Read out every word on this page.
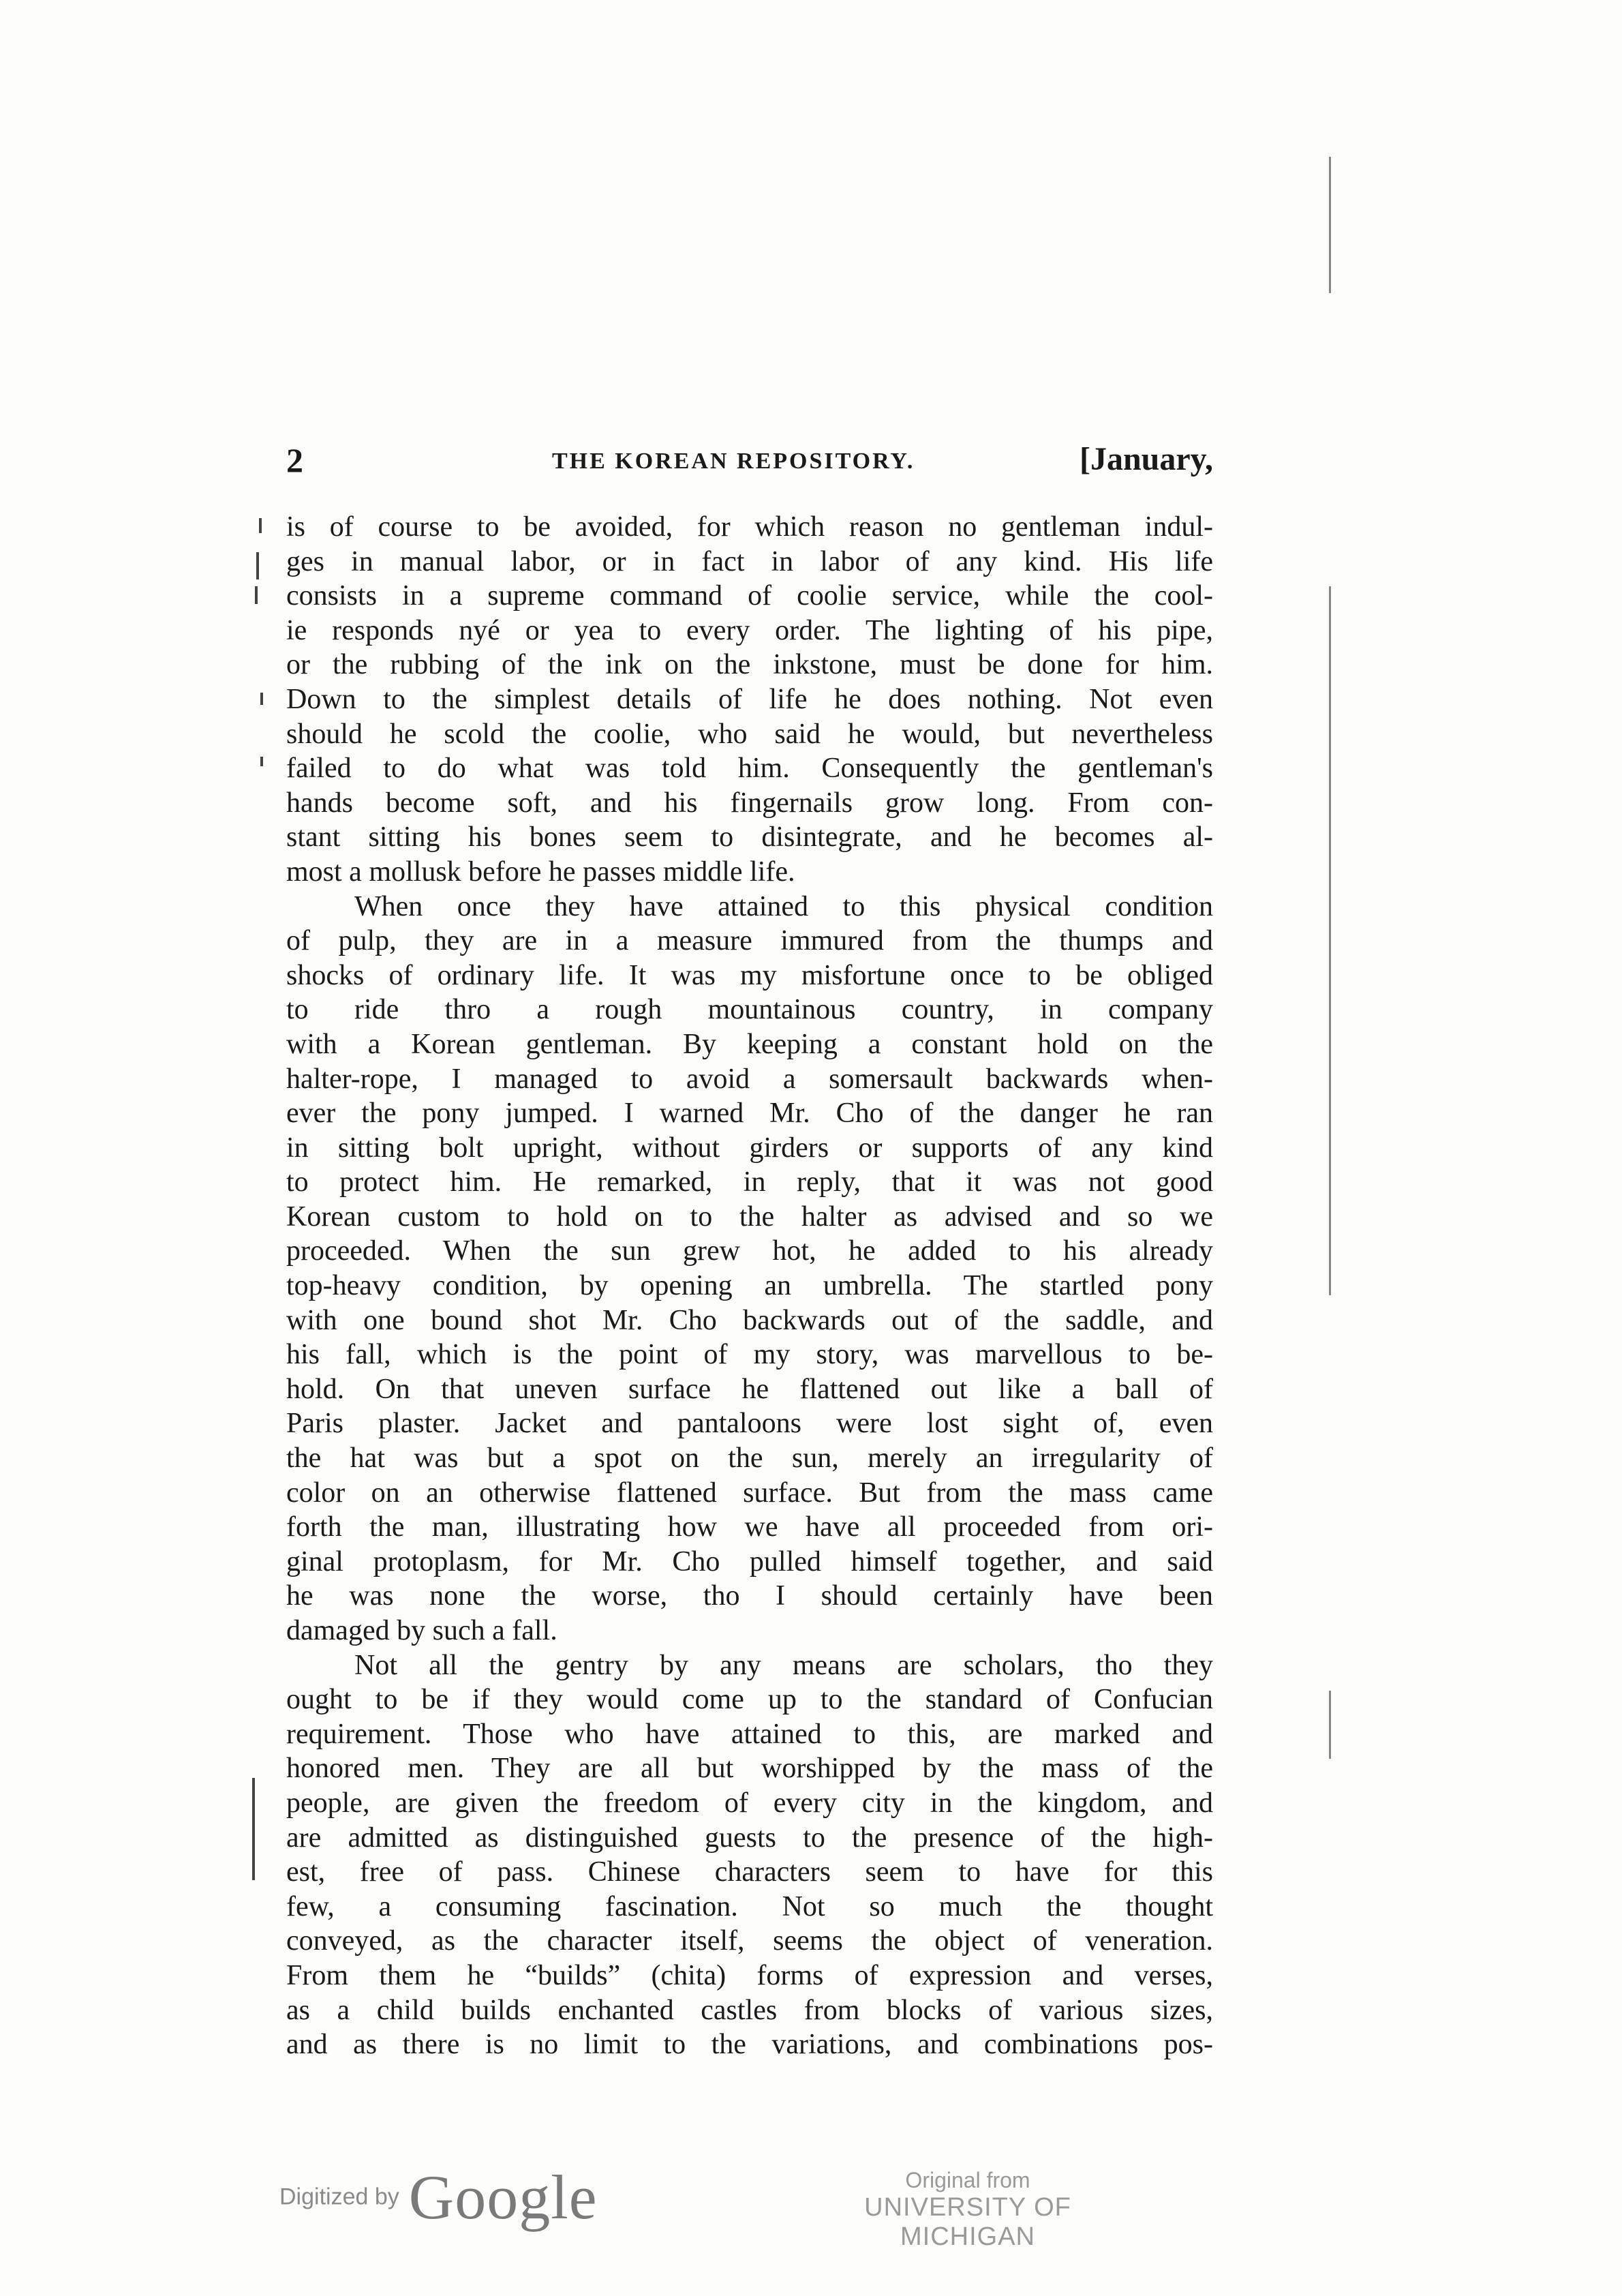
2	THE KOREAN REPOSITORY.	[January,
is of course to be avoided, for which reason no gentleman indul-
ges in manual labor, or in fact in labor of any kind. His life
consists in a supreme command of coolie service, while the cool-
ie responds nyé or yea to every order. The lighting of his pipe,
or the rubbing of the ink on the inkstone, must be done for him.
Down to the simplest details of life he does nothing. Not even
should he scold the coolie, who said he would, but nevertheless
failed to do what was told him. Consequently the gentleman's
hands become soft, and his fingernails grow long. From con-
stant sitting his bones seem to disintegrate, and he becomes al-
most a mollusk before he passes middle life.
When once they have attained to this physical condition
of pulp, they are in a measure immured from the thumps and
shocks of ordinary life. It was my misfortune once to be obliged
to ride thro a rough mountainous country, in company
with a Korean gentleman. By keeping a constant hold on the
halter-rope, I managed to avoid a somersault backwards when-
ever the pony jumped. I warned Mr. Cho of the danger he ran
in sitting bolt upright, without girders or supports of any kind
to protect him. He remarked, in reply, that it was not good
Korean custom to hold on to the halter as advised and so we
proceeded. When the sun grew hot, he added to his already
top-heavy condition, by opening an umbrella. The startled pony
with one bound shot Mr. Cho backwards out of the saddle, and
his fall, which is the point of my story, was marvellous to be-
hold. On that uneven surface he flattened out like a ball of
Paris plaster. Jacket and pantaloons were lost sight of, even
the hat was but a spot on the sun, merely an irregularity of
color on an otherwise flattened surface. But from the mass came
forth the man, illustrating how we have all proceeded from ori-
ginal protoplasm, for Mr. Cho pulled himself together, and said
he was none the worse, tho I should certainly have been
damaged by such a fall.
Not all the gentry by any means are scholars, tho they
ought to be if they would come up to the standard of Confucian
requirement. Those who have attained to this, are marked and
honored men. They are all but worshipped by the mass of the
people, are given the freedom of every city in the kingdom, and
are admitted as distinguished guests to the presence of the high-
est, free of pass. Chinese characters seem to have for this
few, a consuming fascination. Not so much the thought
conveyed, as the character itself, seems the object of veneration.
From them he “builds” (chita) forms of expression and verses,
as a child builds enchanted castles from blocks of various sizes,
and as there is no limit to the variations, and combinations pos-
Digitized by Google	Original from
UNIVERSITY OF MICHIGAN
